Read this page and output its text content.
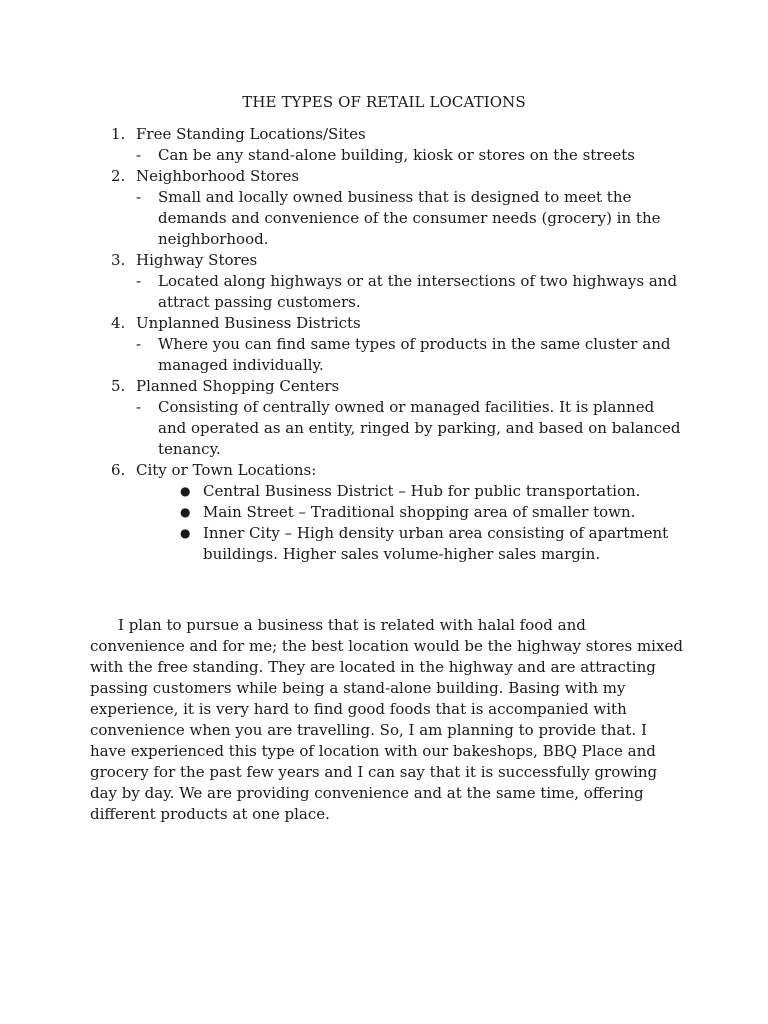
THE TYPES OF RETAIL LOCATIONS
1. Free Standing Locations/Sites
- Can be any stand-alone building, kiosk or stores on the streets
2. Neighborhood Stores
- Small and locally owned business that is designed to meet the demands and convenience of the consumer needs (grocery) in the neighborhood.
3. Highway Stores
- Located along highways or at the intersections of two highways and attract passing customers.
4. Unplanned Business Districts
- Where you can find same types of products in the same cluster and managed individually.
5. Planned Shopping Centers
- Consisting of centrally owned or managed facilities. It is planned and operated as an entity, ringed by parking, and based on balanced tenancy.
6. City or Town Locations:
● Central Business District – Hub for public transportation.
● Main Street – Traditional shopping area of smaller town.
● Inner City – High density urban area consisting of apartment buildings. Higher sales volume-higher sales margin.

I plan to pursue a business that is related with halal food and convenience and for me; the best location would be the highway stores mixed with the free standing. They are located in the highway and are attracting passing customers while being a stand-alone building. Basing with my experience, it is very hard to find good foods that is accompanied with convenience when you are travelling. So, I am planning to provide that. I have experienced this type of location with our bakeshops, BBQ Place and grocery for the past few years and I can say that it is successfully growing day by day. We are providing convenience and at the same time, offering different products at one place.
